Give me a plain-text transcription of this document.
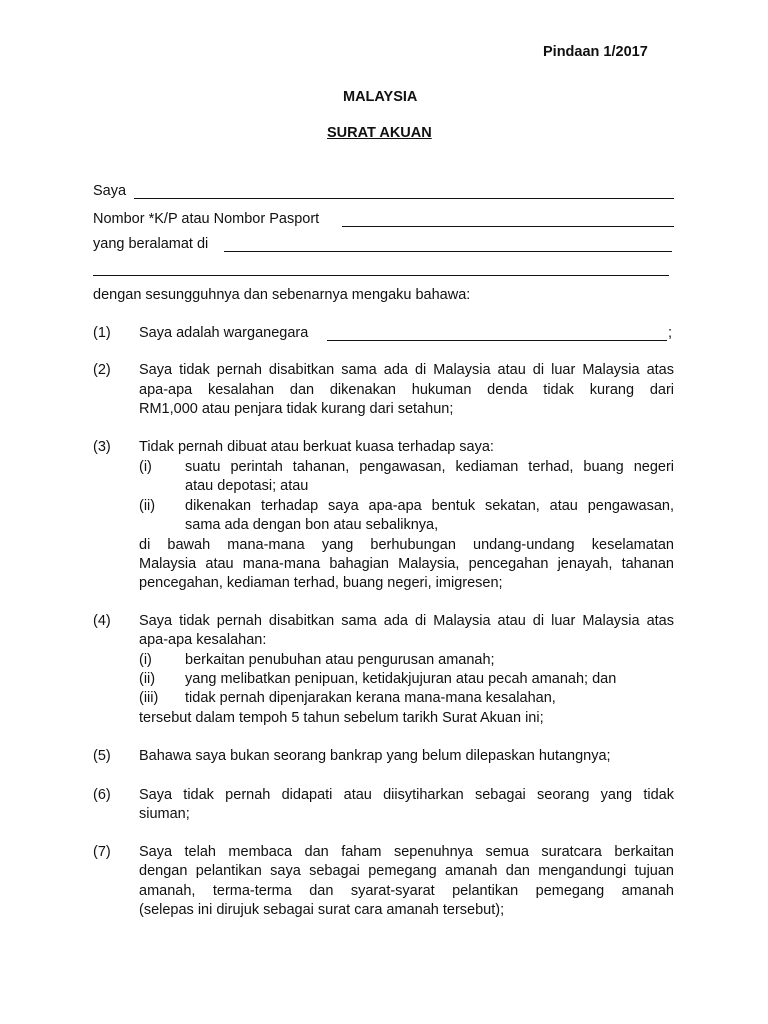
Pindaan 1/2017
MALAYSIA
SURAT AKUAN
Saya
Nombor *K/P atau Nombor Pasport
yang beralamat di
dengan sesungguhnya dan sebenarnya mengaku bahawa:
(1) Saya adalah warganegara	;
(2) Saya tidak pernah disabitkan sama ada di Malaysia atau di luar Malaysia atas
apa-apa kesalahan dan dikenakan hukuman denda tidak kurang dari
RM1,000 atau penjara tidak kurang dari setahun;
(3) Tidak pernah dibuat atau berkuat kuasa terhadap saya:
(i) suatu perintah tahanan, pengawasan, kediaman terhad, buang negeri
atau depotasi; atau
(ii) dikenakan terhadap saya apa-apa bentuk sekatan, atau pengawasan,
sama ada dengan bon atau sebaliknya,
di bawah mana-mana yang berhubungan undang-undang keselamatan
Malaysia atau mana-mana bahagian Malaysia, pencegahan jenayah, tahanan
pencegahan, kediaman terhad, buang negeri, imigresen;
(4) Saya tidak pernah disabitkan sama ada di Malaysia atau di luar Malaysia atas
apa-apa kesalahan:
(i) berkaitan penubuhan atau pengurusan amanah;
(ii) yang melibatkan penipuan, ketidakjujuran atau pecah amanah; dan
(iii) tidak pernah dipenjarakan kerana mana-mana kesalahan,
tersebut dalam tempoh 5 tahun sebelum tarikh Surat Akuan ini;
(5) Bahawa saya bukan seorang bankrap yang belum dilepaskan hutangnya;
(6) Saya tidak pernah didapati atau diisytiharkan sebagai seorang yang tidak
siuman;
(7) Saya telah membaca dan faham sepenuhnya semua suratcara berkaitan
dengan pelantikan saya sebagai pemegang amanah dan mengandungi tujuan
amanah, terma-terma dan syarat-syarat pelantikan pemegang amanah
(selepas ini dirujuk sebagai surat cara amanah tersebut);
